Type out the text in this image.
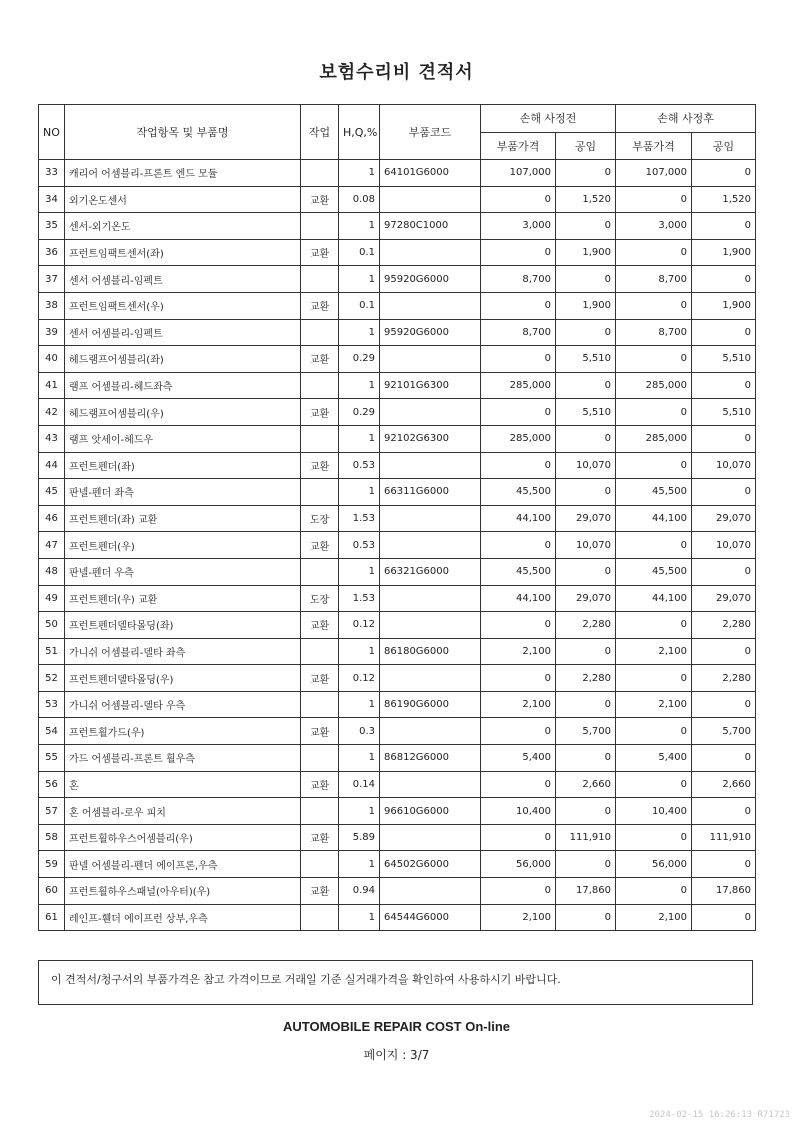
보험수리비 견적서
NO	작업항목 및 부품명	작업	H,Q,%	부품코드	손해 사정전		손해 사정후	
					부품가격	공임	부품가격	공임
33	캐리어 어셈블리-프론트 엔드 모듈		1	64101G6000	107,000	0	107,000	0
34	외기온도센서	교환	0.08		0	1,520	0	1,520
35	센서-외기온도		1	97280C1000	3,000	0	3,000	0
36	프런트임팩트센서(좌)	교환	0.1		0	1,900	0	1,900
37	센서 어셈블리-임펙트		1	95920G6000	8,700	0	8,700	0
38	프런트임팩트센서(우)	교환	0.1		0	1,900	0	1,900
39	센서 어셈블리-임펙트		1	95920G6000	8,700	0	8,700	0
40	헤드램프어셈블리(좌)	교환	0.29		0	5,510	0	5,510
41	램프 어셈블리-헤드좌측		1	92101G6300	285,000	0	285,000	0
42	헤드램프어셈블리(우)	교환	0.29		0	5,510	0	5,510
43	램프 앗세이-헤드우		1	92102G6300	285,000	0	285,000	0
44	프런트펜더(좌)	교환	0.53		0	10,070	0	10,070
45	판넬-펜더 좌측		1	66311G6000	45,500	0	45,500	0
46	프런트펜더(좌) 교환	도장	1.53		44,100	29,070	44,100	29,070
47	프런트펜더(우)	교환	0.53		0	10,070	0	10,070
48	판넬-펜더 우측		1	66321G6000	45,500	0	45,500	0
49	프런트펜더(우) 교환	도장	1.53		44,100	29,070	44,100	29,070
50	프런트펜더델타몰딩(좌)	교환	0.12		0	2,280	0	2,280
51	가니쉬 어셈블리-델타 좌측		1	86180G6000	2,100	0	2,100	0
52	프런트펜더델타몰딩(우)	교환	0.12		0	2,280	0	2,280
53	가니쉬 어셈블리-델타 우측		1	86190G6000	2,100	0	2,100	0
54	프런트휠가드(우)	교환	0.3		0	5,700	0	5,700
55	가드 어셈블리-프론트 휠우측		1	86812G6000	5,400	0	5,400	0
56	혼	교환	0.14		0	2,660	0	2,660
57	혼 어셈블리-로우 피치		1	96610G6000	10,400	0	10,400	0
58	프런트휠하우스어셈블리(우)	교환	5.89		0	111,910	0	111,910
59	판넬 어셈블리-펜더 에이프론,우측		1	64502G6000	56,000	0	56,000	0
60	프런트휠하우스패널(아우터)(우)	교환	0.94		0	17,860	0	17,860
61	레인프-휀더 에이프런 상부,우측		1	64544G6000	2,100	0	2,100	0
이 견적서/청구서의 부품가격은 참고 가격이므로 거래일 기준 실거래가격을 확인하여 사용하시기 바랍니다.
AUTOMOBILE REPAIR COST On-line
페이지 : 3/7
2024-02-15 16:26:13 R71723
